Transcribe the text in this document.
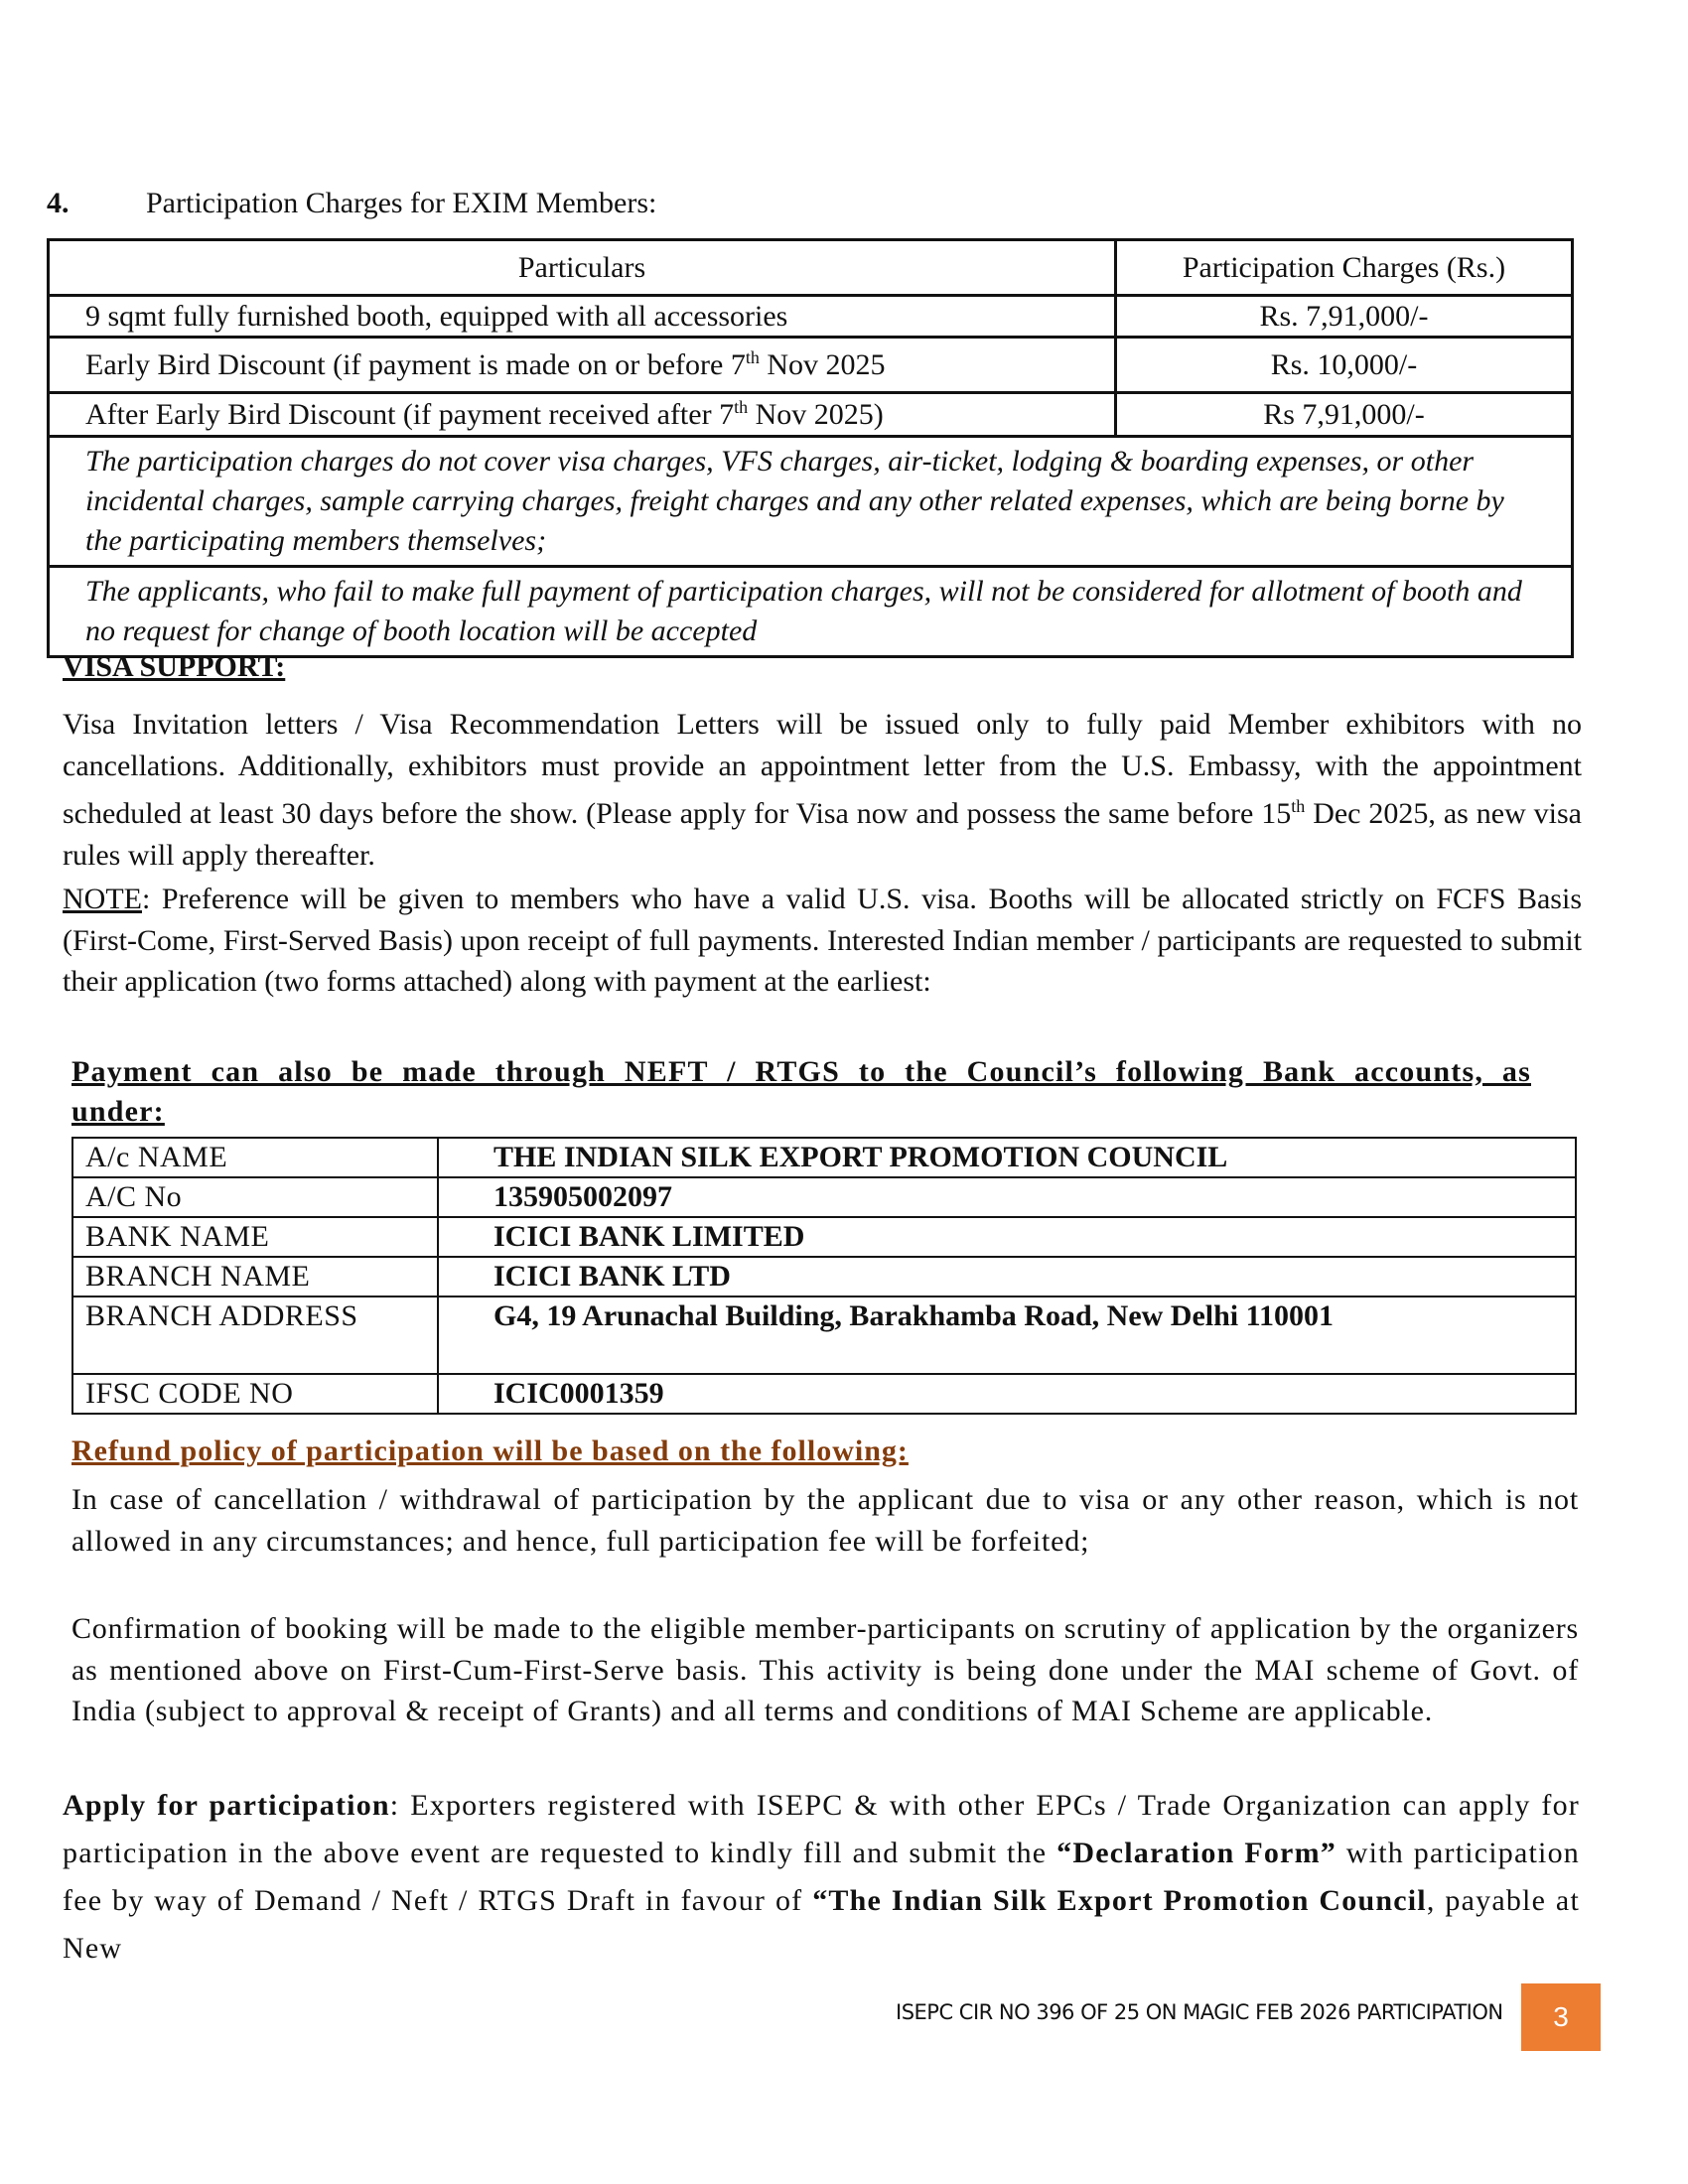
4.	Participation Charges for EXIM Members:
Particulars	Participation Charges (Rs.)
9 sqmt fully furnished booth, equipped with all accessories	Rs. 7,91,000/-
Early Bird Discount (if payment is made on or before 7th Nov 2025	Rs. 10,000/-
After Early Bird Discount (if payment received after 7th Nov 2025)	Rs 7,91,000/-
The participation charges do not cover visa charges, VFS charges, air-ticket, lodging & boarding expenses, or other incidental charges, sample carrying charges, freight charges and any other related expenses, which are being borne by the participating members themselves;	
The applicants, who fail to make full payment of participation charges, will not be considered for allotment of booth and no request for change of booth location will be accepted	
VISA SUPPORT:
Visa Invitation letters / Visa Recommendation Letters will be issued only to fully paid Member exhibitors with no cancellations. Additionally, exhibitors must provide an appointment letter from the U.S. Embassy, with the appointment scheduled at least 30 days before the show. (Please apply for Visa now and possess the same before 15th Dec 2025, as new visa rules will apply thereafter.
NOTE: Preference will be given to members who have a valid U.S. visa. Booths will be allocated strictly on FCFS Basis (First-Come, First-Served Basis) upon receipt of full payments. Interested Indian member / participants are requested to submit their application (two forms attached) along with payment at the earliest:
Payment can also be made through NEFT / RTGS to the Council’s following Bank accounts, as under:
A/c NAME	THE INDIAN SILK EXPORT PROMOTION COUNCIL
A/C No	135905002097
BANK NAME	ICICI BANK LIMITED
BRANCH NAME	ICICI BANK LTD
BRANCH ADDRESS	G4, 19 Arunachal Building, Barakhamba Road, New Delhi 110001
IFSC CODE NO	ICIC0001359
Refund policy of participation will be based on the following:
In case of cancellation / withdrawal of participation by the applicant due to visa or any other reason, which is not allowed in any circumstances; and hence, full participation fee will be forfeited;
Confirmation of booking will be made to the eligible member-participants on scrutiny of application by the organizers as mentioned above on First-Cum-First-Serve basis. This activity is being done under the MAI scheme of Govt. of India (subject to approval & receipt of Grants) and all terms and conditions of MAI Scheme are applicable.
Apply for participation: Exporters registered with ISEPC & with other EPCs / Trade Organization can apply for participation in the above event are requested to kindly fill and submit the “Declaration Form” with participation fee by way of Demand / Neft / RTGS Draft in favour of “The Indian Silk Export Promotion Council, payable at New
ISEPC CIR NO 396 OF 25 ON MAGIC FEB 2026 PARTICIPATION	3
